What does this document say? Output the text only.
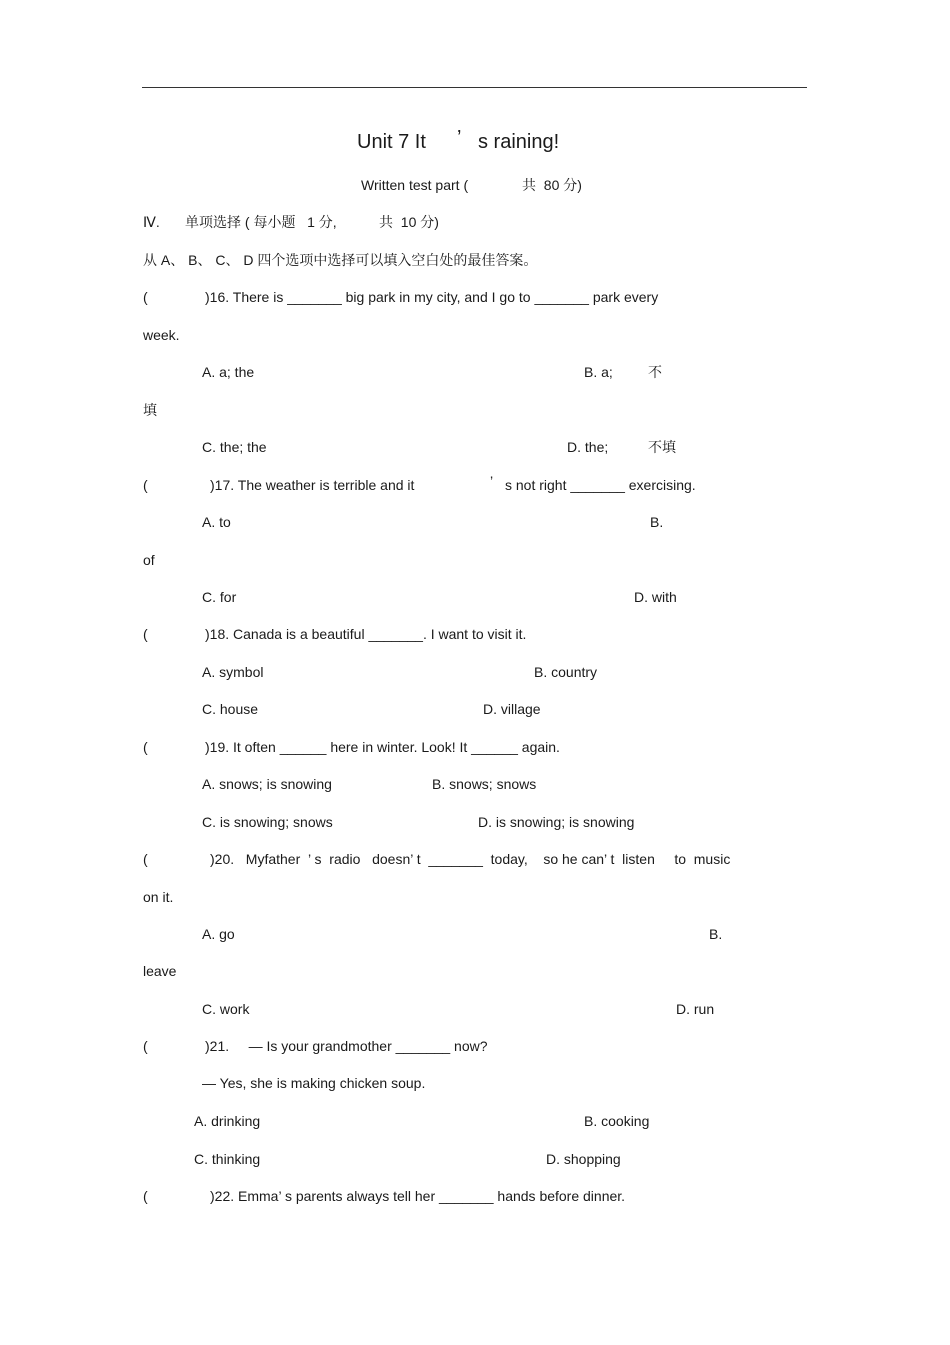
Unit 7 It ’ s raining!
Written test part (	共  80 分)
Ⅳ. 单项选择 ( 每小题   1 分,	共  10 分)
从 A、 B、 C、 D 四个选项中选择可以填入空白处的最佳答案。
(	)16. There is _______ big park in my city, and I go to _______ park every
week.
A. a; the	B. a;	不
填
C. the; the	D. the;	不填
(	)17. The weather is terrible and it	’ s not right _______ exercising.
A. to	B.
of
C. for	D. with
(	)18. Canada is a beautiful _______. I want to visit it.
A. symbol	B. country
C. house	D. village
(	)19. It often ______ here in winter. Look! It ______ again.
A. snows; is snowing	B. snows; snows
C. is snowing; snows	D. is snowing; is snowing
(	)20.   Myfather  ’ s  radio   doesn’ t  _______  today,    so he can’ t  listen     to  music
on it.
A. go	B.
leave
C. work	D. run
(	)21.     — Is your grandmother _______ now?
— Yes, she is making chicken soup.
A. drinking	B. cooking
C. thinking	D. shopping
(	)22. Emma’ s parents always tell her _______ hands before dinner.
